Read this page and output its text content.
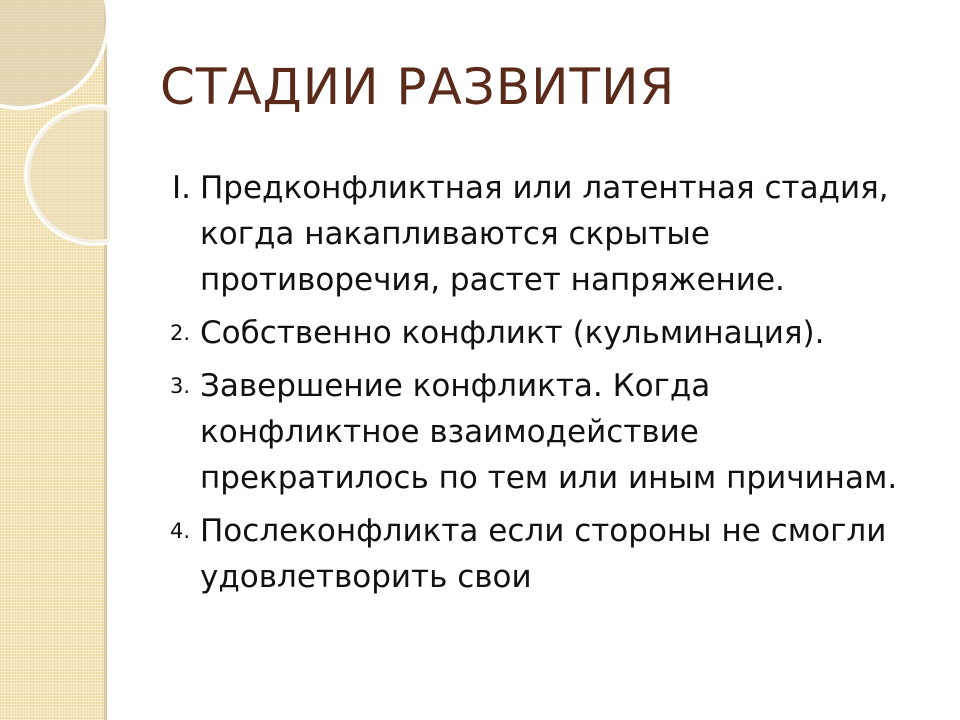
СТАДИИ РАЗВИТИЯ
I. Предконфликтная или латентная стадия, когда накапливаются скрытые противоречия, растет напряжение.
2. Собственно конфликт (кульминация).
3. Завершение конфликта. Когда конфликтное взаимодействие прекратилось по тем или иным причинам.
4. Послеконфликта если стороны не смогли удовлетворить свои
